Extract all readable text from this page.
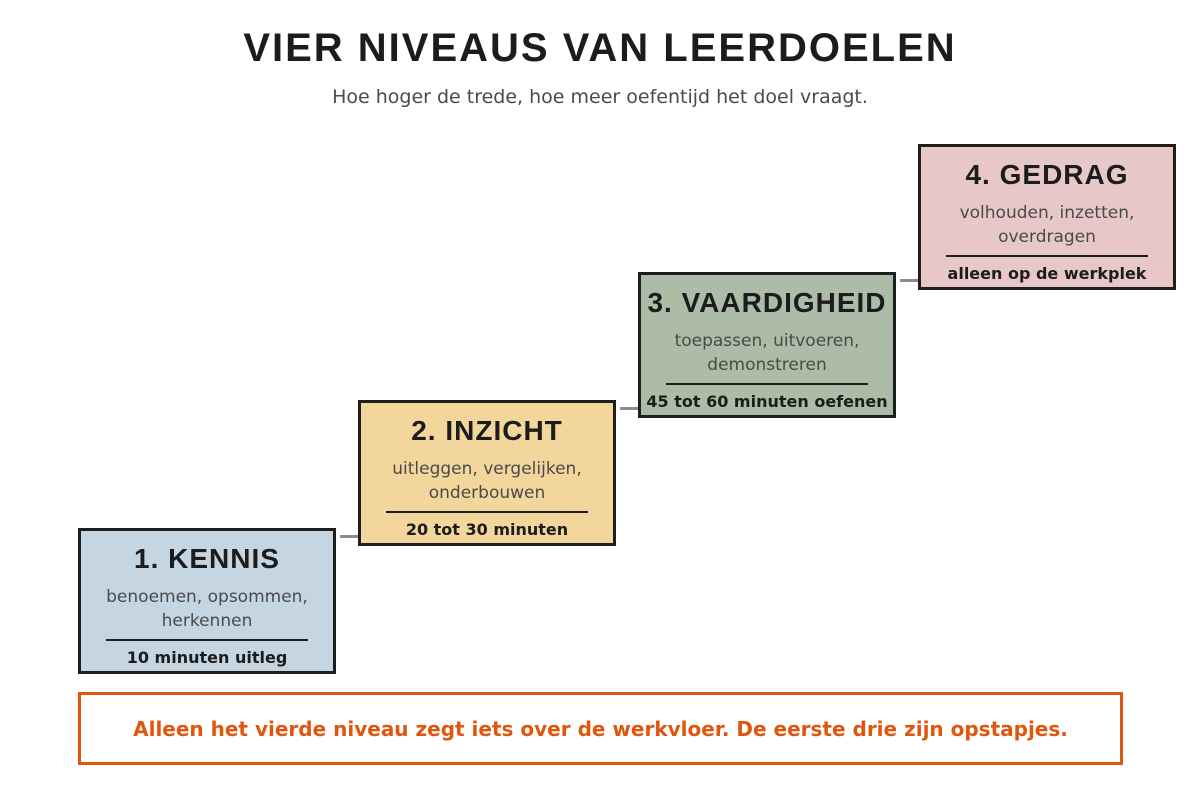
VIER NIVEAUS VAN LEERDOELEN
Hoe hoger de trede, hoe meer oefentijd het doel vraagt.
1. KENNIS
benoemen, opsommen, herkennen
10 minuten uitleg
2. INZICHT
uitleggen, vergelijken, onderbouwen
20 tot 30 minuten
3. VAARDIGHEID
toepassen, uitvoeren, demonstreren
45 tot 60 minuten oefenen
4. GEDRAG
volhouden, inzetten, overdragen
alleen op de werkplek
Alleen het vierde niveau zegt iets over de werkvloer. De eerste drie zijn opstapjes.
